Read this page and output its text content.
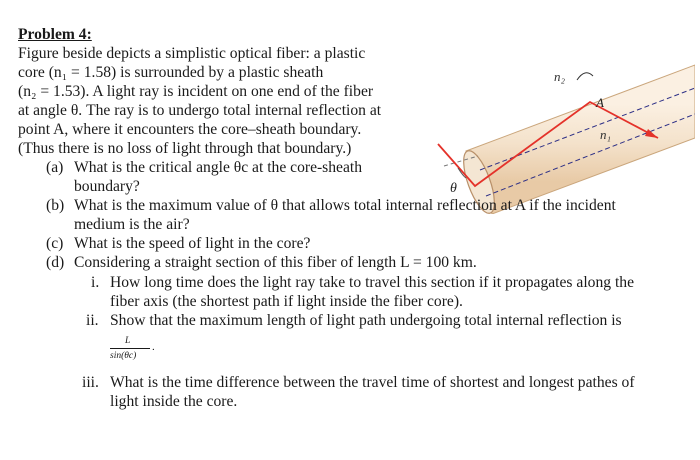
n₂
A
n₁
θ
Problem 4:
Figure beside depicts a simplistic optical fiber: a plastic
core (n₁ = 1.58) is surrounded by a plastic sheath
(n₂ = 1.53). A light ray is incident on one end of the fiber
at angle θ. The ray is to undergo total internal reflection at
point A, where it encounters the core–sheath boundary.
(Thus there is no loss of light through that boundary.)
(a) What is the critical angle θc at the core-sheath
boundary?
(b) What is the maximum value of θ that allows total internal reflection at A if the incident
medium is the air?
(c) What is the speed of light in the core?
(d) Considering a straight section of this fiber of length L = 100 km.
i. How long time does the light ray take to travel this section if it propagates along the
fiber axis (the shortest path if light inside the fiber core).
ii. Show that the maximum length of light path undergoing total internal reflection is
L
sin(θc)
.
iii. What is the time difference between the travel time of shortest and longest pathes of
light inside the core.
